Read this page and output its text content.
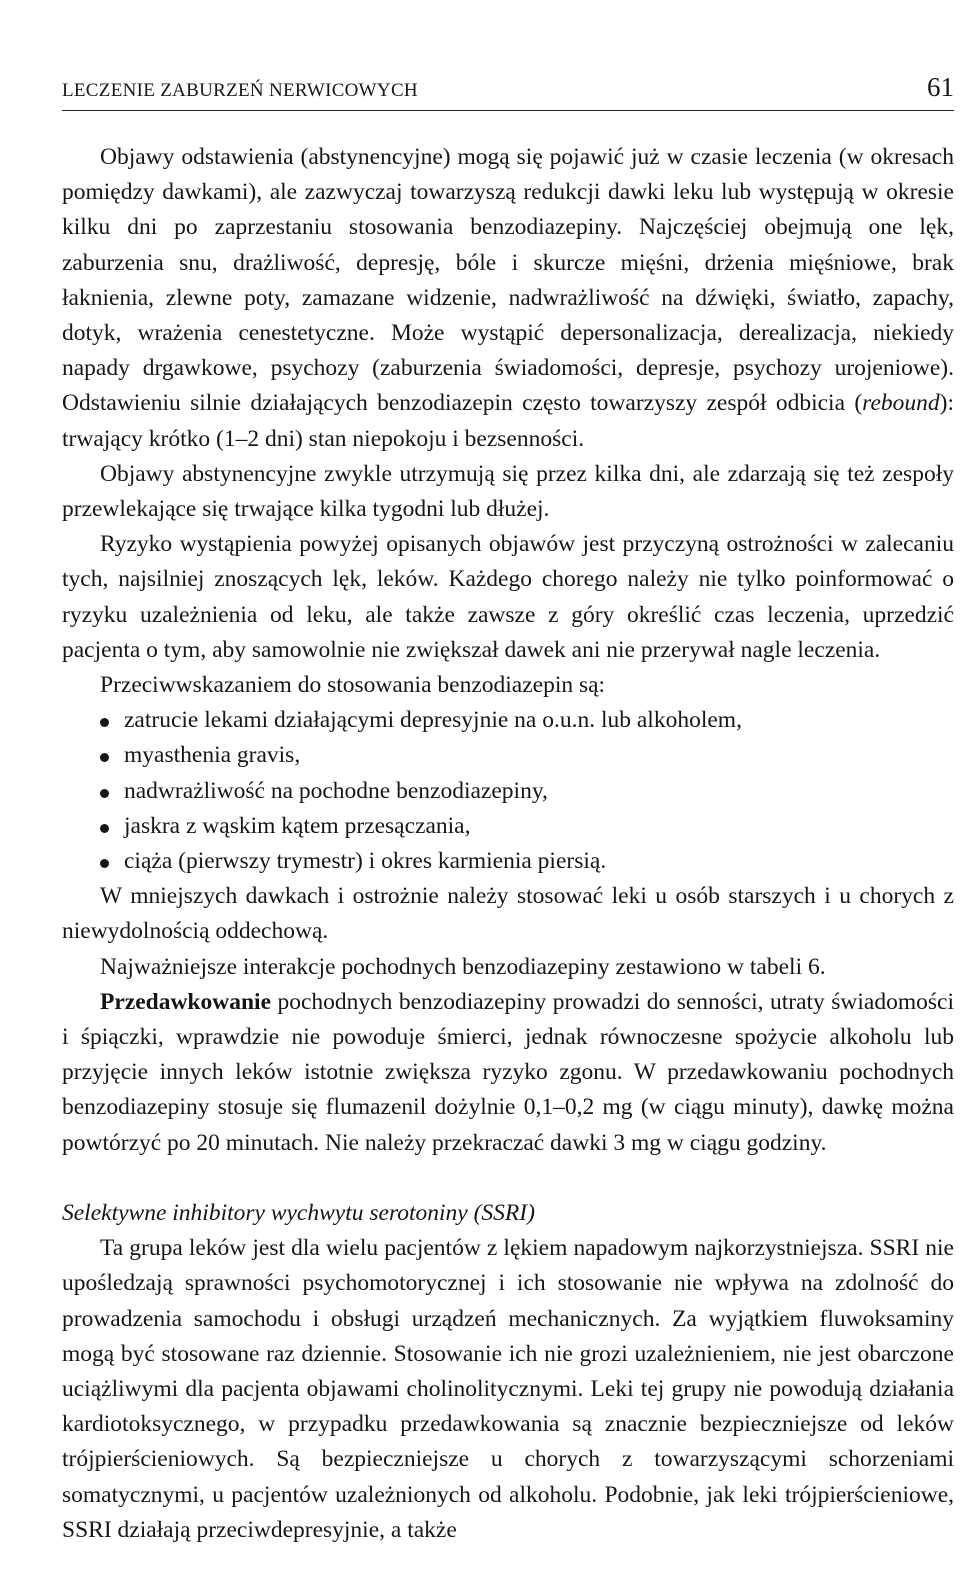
LECZENIE ZABURZEŃ NERWICOWYCH	61

Objawy odstawienia (abstynencyjne) mogą się pojawić już w czasie leczenia (w okresach pomiędzy dawkami), ale zazwyczaj towarzyszą redukcji dawki leku lub występują w okresie kilku dni po zaprzestaniu stosowania benzodiazepiny. Najczęściej obejmują one lęk, zaburzenia snu, drażliwość, depresję, bóle i skurcze mięśni, drżenia mięśniowe, brak łaknienia, zlewne poty, zamazane widzenie, nadwrażliwość na dźwięki, światło, zapachy, dotyk, wrażenia cenestetyczne. Może wystąpić depersonalizacja, derealizacja, niekiedy napady drgawkowe, psychozy (zaburzenia świadomości, depresje, psychozy urojeniowe). Odstawieniu silnie działających benzodiazepin często towarzyszy zespół odbicia (rebound): trwający krótko (1–2 dni) stan niepokoju i bezsenności.

Objawy abstynencyjne zwykle utrzymują się przez kilka dni, ale zdarzają się też zespoły przewlekające się trwające kilka tygodni lub dłużej.

Ryzyko wystąpienia powyżej opisanych objawów jest przyczyną ostrożności w zalecaniu tych, najsilniej znoszących lęk, leków. Każdego chorego należy nie tylko poinformować o ryzyku uzależnienia od leku, ale także zawsze z góry określić czas leczenia, uprzedzić pacjenta o tym, aby samowolnie nie zwiększał dawek ani nie przerywał nagle leczenia.

Przeciwwskazaniem do stosowania benzodiazepin są:

zatrucie lekami działającymi depresyjnie na o.u.n. lub alkoholem,
myasthenia gravis,
nadwrażliwość na pochodne benzodiazepiny,
jaskra z wąskim kątem przesączania,
ciąża (pierwszy trymestr) i okres karmienia piersią.

W mniejszych dawkach i ostrożnie należy stosować leki u osób starszych i u chorych z niewydolnością oddechową.

Najważniejsze interakcje pochodnych benzodiazepiny zestawiono w tabeli 6.

Przedawkowanie pochodnych benzodiazepiny prowadzi do senności, utraty świadomości i śpiączki, wprawdzie nie powoduje śmierci, jednak równoczesne spożycie alkoholu lub przyjęcie innych leków istotnie zwiększa ryzyko zgonu. W przedawkowaniu pochodnych benzodiazepiny stosuje się flumazenil dożylnie 0,1–0,2 mg (w ciągu minuty), dawkę można powtórzyć po 20 minutach. Nie należy przekraczać dawki 3 mg w ciągu godziny.

Selektywne inhibitory wychwytu serotoniny (SSRI)

Ta grupa leków jest dla wielu pacjentów z lękiem napadowym najkorzystniejsza. SSRI nie upośledzają sprawności psychomotorycznej i ich stosowanie nie wpływa na zdolność do prowadzenia samochodu i obsługi urządzeń mechanicznych. Za wyjątkiem fluwoksaminy mogą być stosowane raz dziennie. Stosowanie ich nie grozi uzależnieniem, nie jest obarczone uciążliwymi dla pacjenta objawami cholinolitycznymi. Leki tej grupy nie powodują działania kardiotoksycznego, w przypadku przedawkowania są znacznie bezpieczniejsze od leków trójpierścieniowych. Są bezpieczniejsze u chorych z towarzyszącymi schorzeniami somatycznymi, u pacjentów uzależnionych od alkoholu. Podobnie, jak leki trójpierścieniowe, SSRI działają przeciwdepresyjnie, a także
